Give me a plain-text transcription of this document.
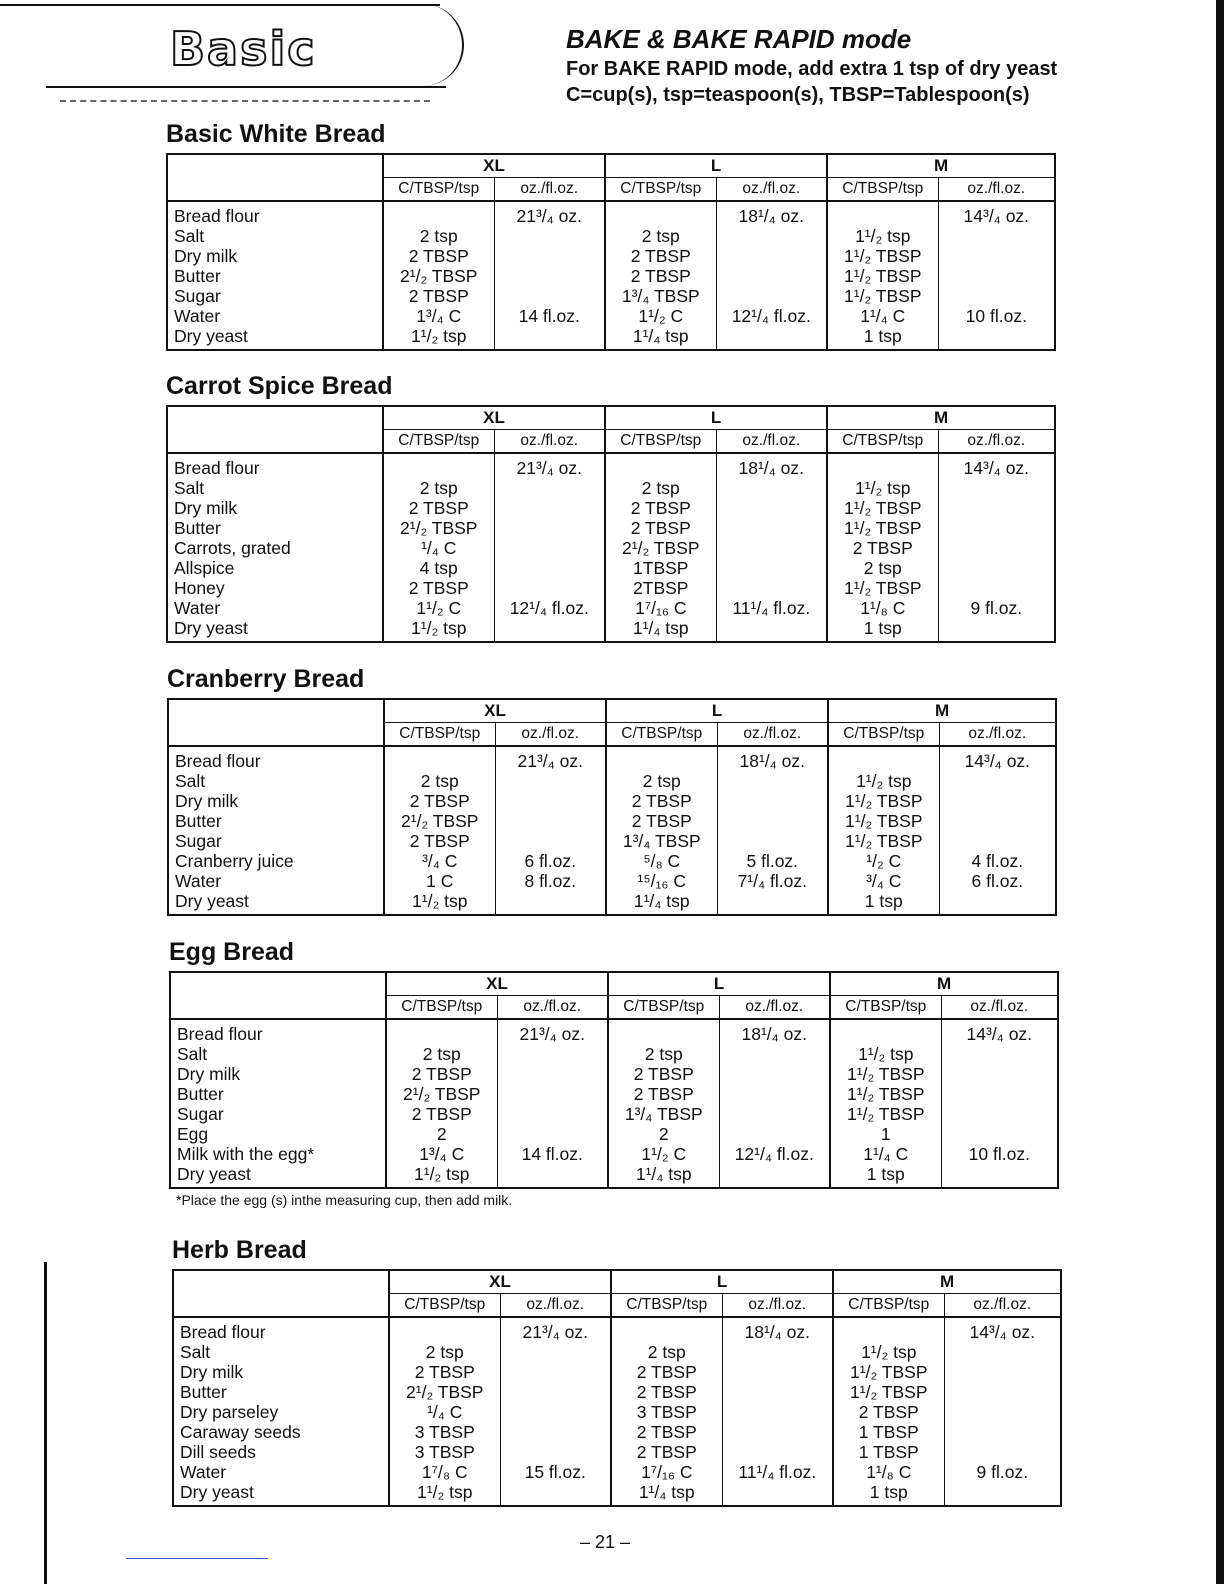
Basic	BAKE & BAKE RAPID mode
For BAKE RAPID mode, add extra 1 tsp of dry yeast
C=cup(s), tsp=teaspoon(s), TBSP=Tablespoon(s)
Basic White Bread
	XL		L		M	
	C/TBSP/tsp	oz./fl.oz.	C/TBSP/tsp	oz./fl.oz.	C/TBSP/tsp	oz./fl.oz.
Bread flour		21³/₄ oz.		18¹/₄ oz.		14³/₄ oz.
Salt	2 tsp		2 tsp		1¹/₂ tsp	
Dry milk	2 TBSP		2 TBSP		1¹/₂ TBSP	
Butter	2¹/₂ TBSP		2 TBSP		1¹/₂ TBSP	
Sugar	2 TBSP		1³/₄ TBSP		1¹/₂ TBSP	
Water	1³/₄ C	14 fl.oz.	1¹/₂ C	12¹/₄ fl.oz.	1¹/₄ C	10 fl.oz.
Dry yeast	1¹/₂ tsp		1¹/₄ tsp		1 tsp	
Carrot Spice Bread
	XL		L		M	
	C/TBSP/tsp	oz./fl.oz.	C/TBSP/tsp	oz./fl.oz.	C/TBSP/tsp	oz./fl.oz.
Bread flour		21³/₄ oz.		18¹/₄ oz.		14³/₄ oz.
Salt	2 tsp		2 tsp		1¹/₂ tsp	
Dry milk	2 TBSP		2 TBSP		1¹/₂ TBSP	
Butter	2¹/₂ TBSP		2 TBSP		1¹/₂ TBSP	
Carrots, grated	¹/₄ C		2¹/₂ TBSP		2 TBSP	
Allspice	4 tsp		1TBSP		2 tsp	
Honey	2 TBSP		2TBSP		1¹/₂ TBSP	
Water	1¹/₂ C	12¹/₄ fl.oz.	1⁷/₁₆ C	11¹/₄ fl.oz.	1¹/₈ C	9 fl.oz.
Dry yeast	1¹/₂ tsp		1¹/₄ tsp		1 tsp	
Cranberry Bread
	XL		L		M	
	C/TBSP/tsp	oz./fl.oz.	C/TBSP/tsp	oz./fl.oz.	C/TBSP/tsp	oz./fl.oz.
Bread flour		21³/₄ oz.		18¹/₄ oz.		14³/₄ oz.
Salt	2 tsp		2 tsp		1¹/₂ tsp	
Dry milk	2 TBSP		2 TBSP		1¹/₂ TBSP	
Butter	2¹/₂ TBSP		2 TBSP		1¹/₂ TBSP	
Sugar	2 TBSP		1³/₄ TBSP		1¹/₂ TBSP	
Cranberry juice	³/₄ C	6 fl.oz.	⁵/₈ C	5 fl.oz.	¹/₂ C	4 fl.oz.
Water	1 C	8 fl.oz.	¹⁵/₁₆ C	7¹/₄ fl.oz.	³/₄ C	6 fl.oz.
Dry yeast	1¹/₂ tsp		1¹/₄ tsp		1 tsp	
Egg Bread
	XL		L		M	
	C/TBSP/tsp	oz./fl.oz.	C/TBSP/tsp	oz./fl.oz.	C/TBSP/tsp	oz./fl.oz.
Bread flour		21³/₄ oz.		18¹/₄ oz.		14³/₄ oz.
Salt	2 tsp		2 tsp		1¹/₂ tsp	
Dry milk	2 TBSP		2 TBSP		1¹/₂ TBSP	
Butter	2¹/₂ TBSP		2 TBSP		1¹/₂ TBSP	
Sugar	2 TBSP		1³/₄ TBSP		1¹/₂ TBSP	
Egg	2		2		1	
Milk with the egg*	1³/₄ C	14 fl.oz.	1¹/₂ C	12¹/₄ fl.oz.	1¹/₄ C	10 fl.oz.
Dry yeast	1¹/₂ tsp		1¹/₄ tsp		1 tsp	
Herb Bread
	XL		L		M	
	C/TBSP/tsp	oz./fl.oz.	C/TBSP/tsp	oz./fl.oz.	C/TBSP/tsp	oz./fl.oz.
Bread flour		21³/₄ oz.		18¹/₄ oz.		14³/₄ oz.
Salt	2 tsp		2 tsp		1¹/₂ tsp	
Dry milk	2 TBSP		2 TBSP		1¹/₂ TBSP	
Butter	2¹/₂ TBSP		2 TBSP		1¹/₂ TBSP	
Dry parseley	¹/₄ C		3 TBSP		2 TBSP	
Caraway seeds	3 TBSP		2 TBSP		1 TBSP	
Dill seeds	3 TBSP		2 TBSP		1 TBSP	
Water	1⁷/₈ C	15 fl.oz.	1⁷/₁₆ C	11¹/₄ fl.oz.	1¹/₈ C	9 fl.oz.
Dry yeast	1¹/₂ tsp		1¹/₄ tsp		1 tsp	
*Place the egg (s) inthe measuring cup, then add milk.
– 21 –
